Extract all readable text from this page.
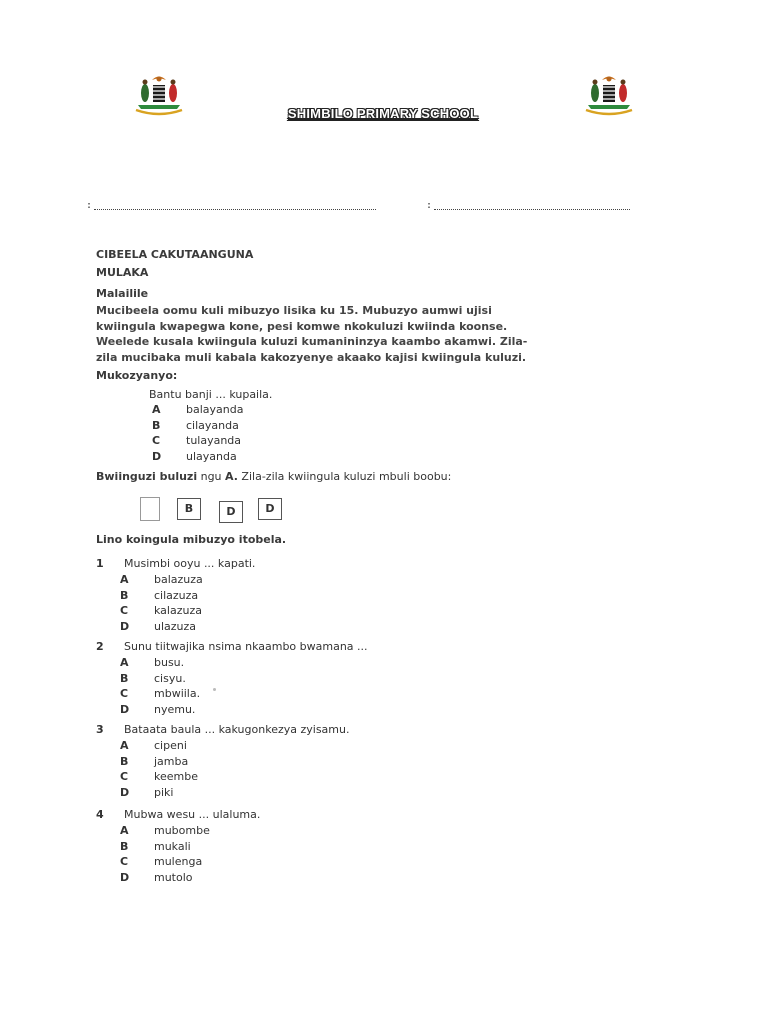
SHIMBILO PRIMARY SCHOOL
:	:
CIBEELA CAKUTAANGUNA
MULAKA
Malailile
Mucibeela oomu kuli mibuzyo lisika ku 15. Mubuzyo aumwi ujisi kwiingula kwapegwa kone, pesi komwe nkokuluzi kwiinda koonse. Weelede kusala kwiingula kuluzi kumanininzya kaambo akamwi. Zila-zila mucibaka muli kabala kakozyenye akaako kajisi kwiingula kuluzi.
Mukozyanyo:
Bantu banji ... kupaila.
A	balayanda
B	cilayanda
C	tulayanda
D	ulayanda
Bwiinguzi buluzi ngu A. Zila-zila kwiingula kuluzi mbuli boobu:
B	D	D
Lino koingula mibuzyo itobela.
1	Musimbi ooyu ... kapati.
A	balazuza
B	cilazuza
C	kalazuza
D	ulazuza
2	Sunu tiitwajika nsima nkaambo bwamana ...
A	busu.
B	cisyu.
C	mbwiila.
D	nyemu.
3	Bataata baula ... kakugonkezya zyisamu.
A	cipeni
B	jamba
C	keembe
D	piki
4	Mubwa wesu ... ulaluma.
A	mubombe
B	mukali
C	mulenga
D	mutolo
